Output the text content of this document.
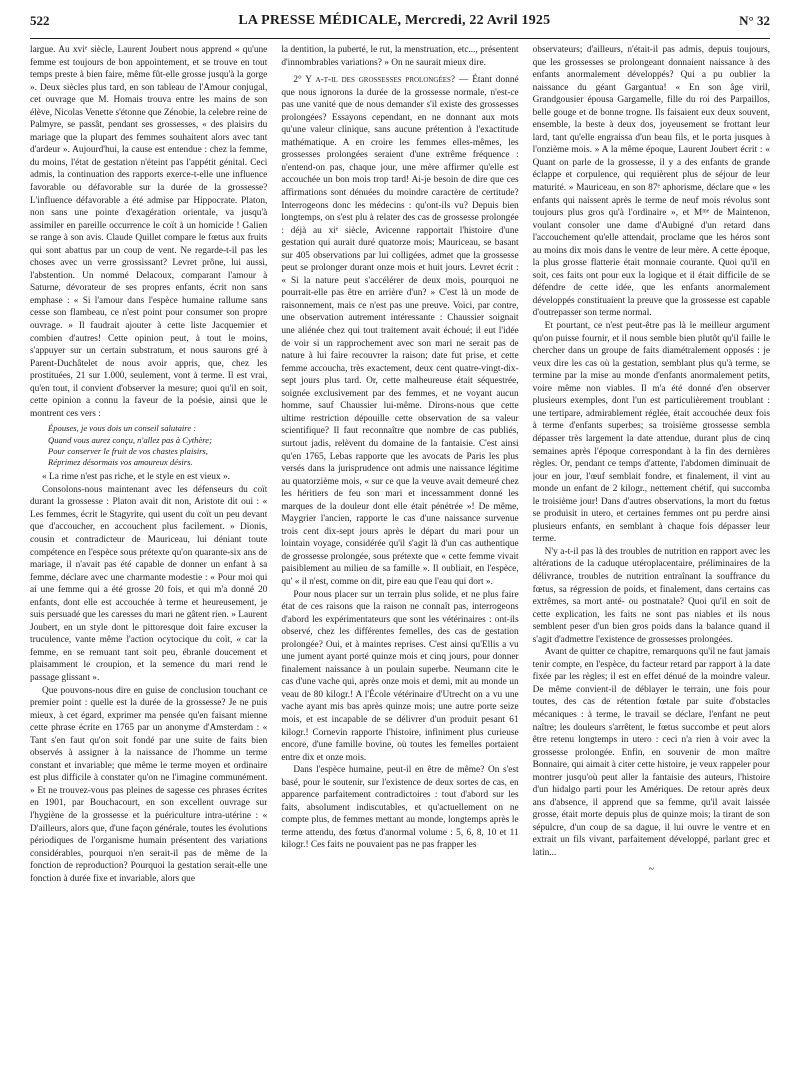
522	LA PRESSE MÉDICALE, Mercredi, 22 Avril 1925	N° 32

largue. Au xviᵉ siècle, Laurent Joubert nous apprend « qu'une femme est toujours de bon appointement, et se trouve en tout temps preste à bien faire, même fût-elle grosse jusqu'à la gorge ». Deux siècles plus tard, en son tableau de l'Amour conjugal, cet ouvrage que M. Homais trouva entre les mains de son élève, Nicolas Venette s'étonne que Zénobie, la celebre reine de Palmyre, se passât, pendant ses grossesses, « des plaisirs du mariage que la plupart des femmes souhaitent alors avec tant d'ardeur ». Aujourd'hui, la cause est entendue : chez la femme, du moins, l'état de gestation n'éteint pas l'appétit génital. Ceci admis, la continuation des rapports exerce-t-elle une influence favorable ou défavorable sur la durée de la grossesse? L'influence défavorable a été admise par Hippocrate. Platon, non sans une pointe d'exagération orientale, va jusqu'à assimiler en pareille occurrence le coït à un homicide ! Galien se range à son avis. Claude Quillet compare le fœtus aux fruits qui sont abattus par un coup de vent. Ne regarde-t-il pas les choses avec un verre grossissant? Levret prône, lui aussi, l'abstention. Un nommé Delacoux, comparant l'amour à Saturne, dévorateur de ses propres enfants, écrit non sans emphase : « Si l'amour dans l'espèce humaine rallume sans cesse son flambeau, ce n'est point pour consumer son propre ouvrage. » Il faudrait ajouter à cette liste Jacquemier et combien d'autres! Cette opinion peut, à tout le moins, s'appuyer sur un certain substratum, et nous saurons gré à Parent-Duchâtelet de nous avoir appris, que, chez les prostituées, 21 sur 1.000, seulement, vont à terme. Il est vrai, qu'en tout, il convient d'observer la mesure; quoi qu'il en soit, cette opinion a connu la faveur de la poésie, ainsi que le montrent ces vers :

Épouses, je vous dois un conseil salutaire :
Quand vous aurez conçu, n'allez pas à Cythère;
Pour conserver le fruit de vos chastes plaisirs,
Réprimez désormais vos amoureux désirs.

« La rime n'est pas riche, et le style en est vieux ».

Consolons-nous maintenant avec les défenseurs du coït durant la grossesse : Platon avait dit non, Aristote dit oui : « Les femmes, écrit le Stagyrite, qui usent du coït un peu devant que d'accoucher, en accouchent plus facilement. » Dionis, cousin et contradicteur de Mauriceau, lui déniant toute compétence en l'espèce sous prétexte qu'on quarante-six ans de mariage, il n'avait pas été capable de donner un enfant à sa femme, déclare avec une charmante modestie : « Pour moi qui ai une femme qui a été grosse 20 fois, et qui m'a donné 20 enfants, dont elle est accouchée à terme et heureusement, je suis persuadé que les caresses du mari ne gâtent rien. » Laurent Joubert, en un style dont le pittoresque doit faire excuser la truculence, vante même l'action ocytocique du coït, « car la femme, en se remuant tant soit peu, ébranle doucement et plaisamment le croupion, et la semence du mari rend le passage glissant ».

Que pouvons-nous dire en guise de conclusion touchant ce premier point : quelle est la durée de la grossesse? Je ne puis mieux, à cet égard, exprimer ma pensée qu'en faisant mienne cette phrase écrite en 1765 par un anonyme d'Amsterdam : « Tant s'en faut qu'on soit fondé par une suite de faits bien observés à assigner à la naissance de l'homme un terme constant et invariable; que même le terme moyen et ordinaire est plus difficile à constater qu'on ne l'imagine communément. » Et ne trouvez-vous pas pleines de sagesse ces phrases écrites en 1901, par Bouchacourt, en son excellent ouvrage sur l'hygiène de la grossesse et la puériculture intra-utérine : « D'ailleurs, alors que, d'une façon générale, toutes les évolutions périodiques de l'organisme humain présentent des variations considérables, pourquoi n'en serait-il pas de même de la fonction de reproduction? Pourquoi la gestation serait-elle une fonction à durée fixe et invariable, alors que

la dentition, la puberté, le rut, la menstruation, etc..., présentent d'innombrables variations? » On ne saurait mieux dire.

2° Y a-t-il des grossesses prolongées? — Étant donné que nous ignorons la durée de la grossesse normale, n'est-ce pas une vanité que de nous demander s'il existe des grossesses prolongées? Essayons cependant, en ne donnant aux mots qu'une valeur clinique, sans aucune prétention à l'exactitude mathématique. A en croire les femmes elles-mêmes, les grossesses prolongées seraient d'une extrême fréquence : n'entend-on pas, chaque jour, une mère affirmer qu'elle est accouchée un bon mois trop tard! Ai-je besoin de dire que ces affirmations sont dénuées du moindre caractère de certitude? Interrogeons donc les médecins : qu'ont-ils vu? Depuis bien longtemps, on s'est plu à relater des cas de grossesse prolongée : déjà au xiᵉ siècle, Avicenne rapportait l'histoire d'une gestation qui aurait duré quatorze mois; Mauriceau, se basant sur 405 observations par lui colligées, admet que la grossesse peut se prolonger durant onze mois et huit jours. Levret écrit : « Si la nature peut s'accélérer de deux mois, pourquoi ne pourrait-elle pas être en arrière d'un? » C'est là un mode de raisonnement, mais ce n'est pas une preuve. Voici, par contre, une observation autrement intéressante : Chaussier soignait une aliénée chez qui tout traitement avait échoué; il eut l'idée de voir si un rapprochement avec son mari ne serait pas de nature à lui faire recouvrer la raison; date fut prise, et cette femme accoucha, très exactement, deux cent quatre-vingt-dix-sept jours plus tard. Or, cette malheureuse était séquestrée, soignée exclusivement par des femmes, et ne voyant aucun homme, sauf Chaussier lui-même. Dirons-nous que cette ultime restriction dépouille cette observation de sa valeur scientifique? Il faut reconnaître que nombre de cas publiés, surtout jadis, relèvent du domaine de la fantaisie. C'est ainsi qu'en 1765, Lebas rapporte que les avocats de Paris les plus versés dans la jurisprudence ont admis une naissance légitime au quatorzième mois, « sur ce que la veuve avait demeuré chez les héritiers de feu son mari et incessamment donné les marques de la douleur dont elle était pénétrée »! De même, Maygrier l'ancien, rapporte le cas d'une naissance survenue trois cent dix-sept jours après le départ du mari pour un lointain voyage, considérée qu'il s'agit là d'un cas authentique de grossesse prolongée, sous prétexte que « cette femme vivait paisiblement au milieu de sa famille ». Il oubliait, en l'espèce, qu' « il n'est, comme on dit, pire eau que l'eau qui dort ».

Pour nous placer sur un terrain plus solide, et ne plus faire état de ces raisons que la raison ne connaît pas, interrogeons d'abord les expérimentateurs que sont les vétérinaires : ont-ils observé, chez les différentes femelles, des cas de gestation prolongée? Oui, et à maintes reprises. C'est ainsi qu'Ellis a vu une jument ayant porté quinze mois et cinq jours, pour donner finalement naissance à un poulain superbe. Neumann cite le cas d'une vache qui, après onze mois et demi, mit au monde un veau de 80 kilogr.! A l'École vétérinaire d'Utrecht on a vu une vache ayant mis bas après quinze mois; une autre porte seize mois, et est incapable de se délivrer d'un produit pesant 61 kilogr.! Cornevin rapporte l'histoire, infiniment plus curieuse encore, d'une famille bovine, où toutes les femelles portaient entre dix et onze mois.

Dans l'espèce humaine, peut-il en être de même? On s'est basé, pour le soutenir, sur l'existence de deux sortes de cas, en apparence parfaitement contradictoires : tout d'abord sur les faits, absolument indiscutables, et qu'actuellement on ne compte plus, de femmes mettant au monde, longtemps après le terme attendu, des fœtus d'anormal volume : 5, 6, 8, 10 et 11 kilogr.! Ces faits ne pouvaient pas ne pas frapper les

observateurs; d'ailleurs, n'était-il pas admis, depuis toujours, que les grossesses se prolongeant donnaient naissance à des enfants anormalement développés? Qui a pu oublier la naissance du géant Gargantua! « En son âge viril, Grandgousier épousa Gargamelle, fille du roi des Parpaillos, belle gouge et de bonne trogne. Ils faisaient eux deux souvent, ensemble, la beste à deux dos, joyeusement se frottant leur lard, tant qu'elle engraissa d'un beau fils, et le porta jusques à l'onzième mois. » A la même époque, Laurent Joubert écrit : « Quant on parle de la grossesse, il y a des enfants de grande éclappe et corpulence, qui requièrent plus de séjour de leur maturité. » Mauriceau, en son 87ᵉ aphorisme, déclare que « les enfants qui naissent après le terme de neuf mois révolus sont toujours plus gros qu'à l'ordinaire », et Mᵐᵉ de Maintenon, voulant consoler une dame d'Aubigné d'un retard dans l'accouchement qu'elle attendait, proclame que les héros sont au moins dix mois dans le ventre de leur mère. A cette époque, la plus grosse flatterie était monnaie courante. Quoi qu'il en soit, ces faits ont pour eux la logique et il était difficile de se défendre de cette idée, que les enfants anormalement développés constituaient la preuve que la grossesse est capable d'outrepasser son terme normal.

Et pourtant, ce n'est peut-être pas là le meilleur argument qu'on puisse fournir, et il nous semble bien plutôt qu'il faille le chercher dans un groupe de faits diamétralement opposés : je veux dire les cas où la gestation, semblant plus qu'à terme, se termine par la mise au monde d'enfants anormalement petits, voire même non viables. Il m'a été donné d'en observer plusieurs exemples, dont l'un est particulièrement troublant : une tertipare, admirablement réglée, était accouchée deux fois à terme d'enfants superbes; sa troisième grossesse sembla dépasser très largement la date attendue, durant plus de cinq semaines après l'époque correspondant à la fin des dernières règles. Or, pendant ce temps d'attente, l'abdomen diminuait de jour en jour, l'œuf semblait fondre, et finalement, il vint au monde un enfant de 2 kilogr., nettement chétif, qui succomba le troisième jour! Dans d'autres observations, la mort du fœtus se produisit in utero, et certaines femmes ont pu perdre ainsi plusieurs enfants, en semblant à chaque fois dépasser leur terme.

N'y a-t-il pas là des troubles de nutrition en rapport avec les altérations de la caduque utéroplacentaire, préliminaires de la délivrance, troubles de nutrition entraînant la souffrance du fœtus, sa régression de poids, et finalement, dans certains cas extrêmes, sa mort anté- ou postnatale? Quoi qu'il en soit de cette explication, les faits ne sont pas niables et ils nous semblent peser d'un bien gros poids dans la balance quand il s'agit d'admettre l'existence de grossesses prolongées.

Avant de quitter ce chapitre, remarquons qu'il ne faut jamais tenir compte, en l'espèce, du facteur retard par rapport à la date fixée par les règles; il est en effet dénué de la moindre valeur. De même convient-il de déblayer le terrain, une fois pour toutes, des cas de rétention fœtale par suite d'obstacles mécaniques : à terme, le travail se déclare, l'enfant ne peut naître; les douleurs s'arrêtent, le fœtus succombe et peut alors être retenu longtemps in utero : ceci n'a rien à voir avec la grossesse prolongée. Enfin, en souvenir de mon maître Bonnaire, qui aimait à citer cette histoire, je veux rappeler pour montrer jusqu'où peut aller la fantaisie des auteurs, l'histoire d'un hidalgo parti pour les Amériques. De retour après deux ans d'absence, il apprend que sa femme, qu'il avait laissée grosse, était morte depuis plus de quinze mois; la tirant de son sépulcre, d'un coup de sa dague, il lui ouvre le ventre et en extrait un fils vivant, parfaitement développé, parlant grec et latin...

~
